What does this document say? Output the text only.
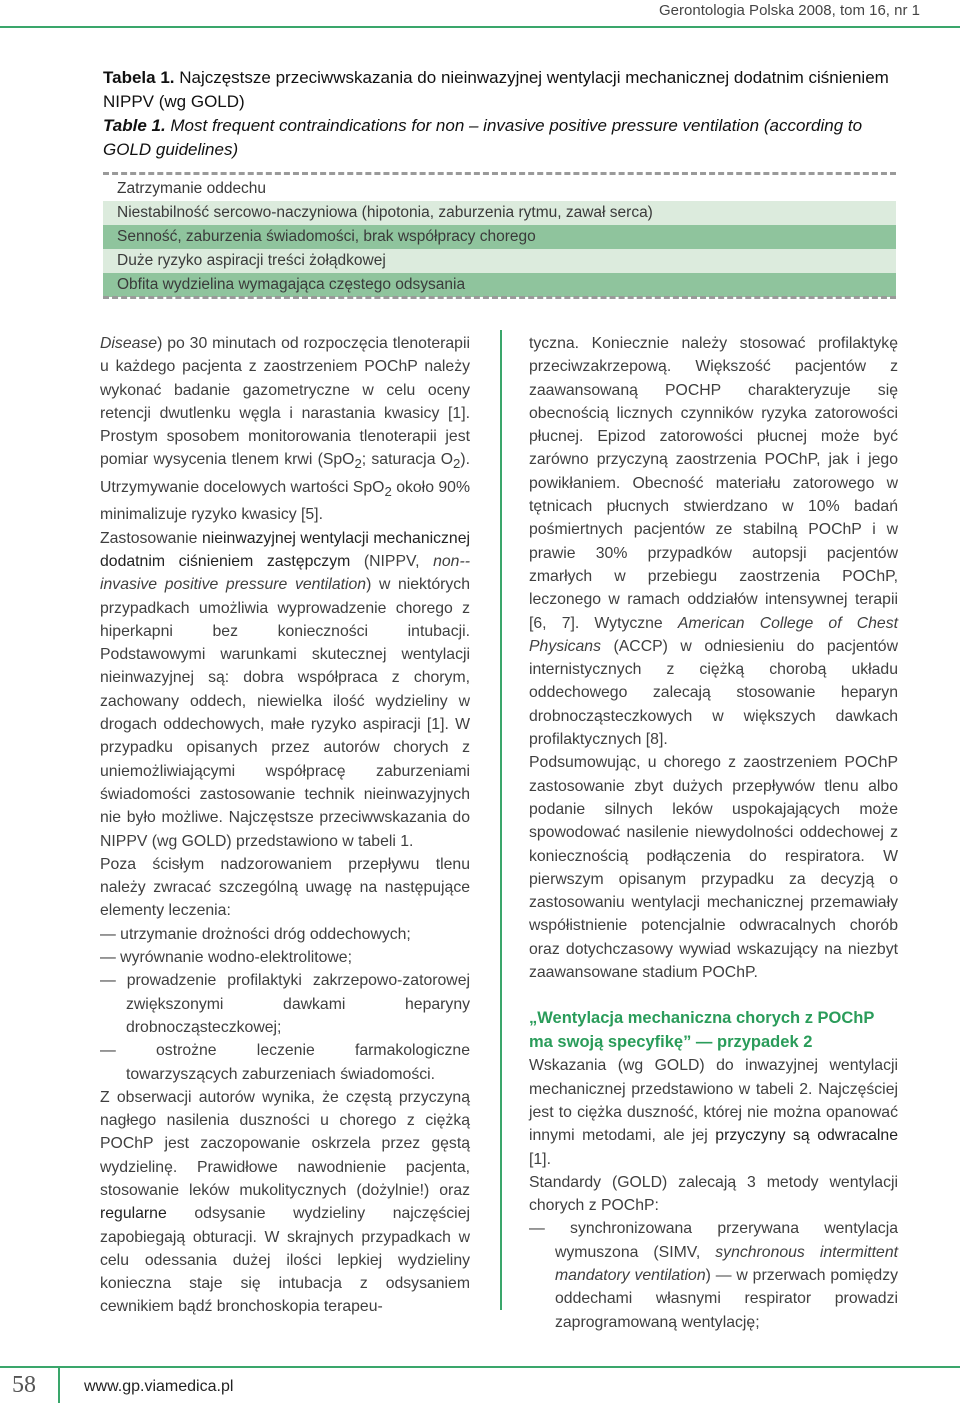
Gerontologia Polska 2008, tom 16, nr 1
Tabela 1. Najczęstsze przeciwwskazania do nieinwazyjnej wentylacji mechanicznej dodatnim ciśnieniem NIPPV (wg GOLD)
Table 1. Most frequent contraindications for non – invasive positive pressure ventilation (according to GOLD guidelines)
Zatrzymanie oddechu
Niestabilność sercowo-naczyniowa (hipotonia, zaburzenia rytmu, zawał serca)
Senność, zaburzenia świadomości, brak współpracy chorego
Duże ryzyko aspiracji treści żołądkowej
Obfita wydzielina wymagająca częstego odsysania

Disease) po 30 minutach od rozpoczęcia tlenoterapii u każdego pacjenta z zaostrzeniem POChP należy wykonać badanie gazometryczne w celu oceny retencji dwutlenku węgla i narastania kwasicy [1]. Prostym sposobem monitorowania tlenoterapii jest pomiar wysycenia tlenem krwi (SpO$_2$; saturacja $O_2$). Utrzymywanie docelowych wartości SpO$_2$ około 90% minimalizuje ryzyko kwasicy [5].

Zastosowanie nieinwazyjnej wentylacji mechanicznej dodatnim ciśnieniem zastępczym (NIPPV, non--invasive positive pressure ventilation) w niektórych przypadkach umożliwia wyprowadzenie chorego z hiperkapni bez konieczności intubacji. Podstawowymi warunkami skutecznej wentylacji nieinwazyjnej są: dobra współpraca z chorym, zachowany oddech, niewielka ilość wydzieliny w drogach oddechowych, małe ryzyko aspiracji [1]. W przypadku opisanych przez autorów chorych z uniemożliwiającymi współpracę zaburzeniami świadomości zastosowanie technik nieinwazyjnych nie było możliwe. Najczęstsze przeciwwskazania do NIPPV (wg GOLD) przedstawiono w tabeli 1.

Poza ścisłym nadzorowaniem przepływu tlenu należy zwracać szczególną uwagę na następujące elementy leczenia:

— utrzymanie drożności dróg oddechowych;
— wyrównanie wodno-elektrolitowe;
— prowadzenie profilaktyki zakrzepowo-zatorowej zwiększonymi dawkami heparyny drobnocząsteczkowej;
— ostrożne leczenie farmakologiczne towarzyszących zaburzeniach świadomości.

Z obserwacji autorów wynika, że częstą przyczyną nagłego nasilenia duszności u chorego z ciężką POChP jest zaczopowanie oskrzela przez gęstą wydzielinę. Prawidłowe nawodnienie pacjenta, stosowanie leków mukolitycznych (dożylnie!) oraz regularne odsysanie wydzieliny najczęściej zapobiegają obturacji. W skrajnych przypadkach w celu odessania dużej ilości lepkiej wydzieliny konieczna staje się intubacja z odsysaniem cewnikiem bądź bronchoskopia terapeu-

tyczna. Koniecznie należy stosować profilaktykę przeciwzakrzepową. Większość pacjentów z zaawansowaną POCHP charakteryzuje się obecnością licznych czynników ryzyka zatorowości płucnej. Epizod zatorowości płucnej może być zarówno przyczyną zaostrzenia POChP, jak i jego powikłaniem. Obecność materiału zatorowego w tętnicach płucnych stwierdzano w 10% badań pośmiertnych pacjentów ze stabilną POChP i w prawie 30% przypadków autopsji pacjentów zmarłych w przebiegu zaostrzenia POChP, leczonego w ramach oddziałów intensywnej terapii [6, 7]. Wytyczne American College of Chest Physicans (ACCP) w odniesieniu do pacjentów internistycznych z ciężką chorobą układu oddechowego zalecają stosowanie heparyn drobnocząsteczkowych w większych dawkach profilaktycznych [8].

Podsumowując, u chorego z zaostrzeniem POChP zastosowanie zbyt dużych przepływów tlenu albo podanie silnych leków uspokajających może spowodować nasilenie niewydolności oddechowej z koniecznością podłączenia do respiratora. W pierwszym opisanym przypadku za decyzją o zastosowaniu wentylacji mechanicznej przemawiały współistnienie potencjalnie odwracalnych chorób oraz dotychczasowy wywiad wskazujący na niezbyt zaawansowane stadium POChP.

„Wentylacja mechaniczna chorych z POChP ma swoją specyfikę” — przypadek 2

Wskazania (wg GOLD) do inwazyjnej wentylacji mechanicznej przedstawiono w tabeli 2. Najczęściej jest to ciężka duszność, której nie można opanować innymi metodami, ale jej przyczyny są odwracalne [1].

Standardy (GOLD) zalecają 3 metody wentylacji chorych z POChP:

— synchronizowana przerywana wentylacja wymuszona (SIMV, synchronous intermittent mandatory ventilation) — w przerwach pomiędzy oddechami własnymi respirator prowadzi zaprogramowaną wentylację;
58	www.gp.viamedica.pl
